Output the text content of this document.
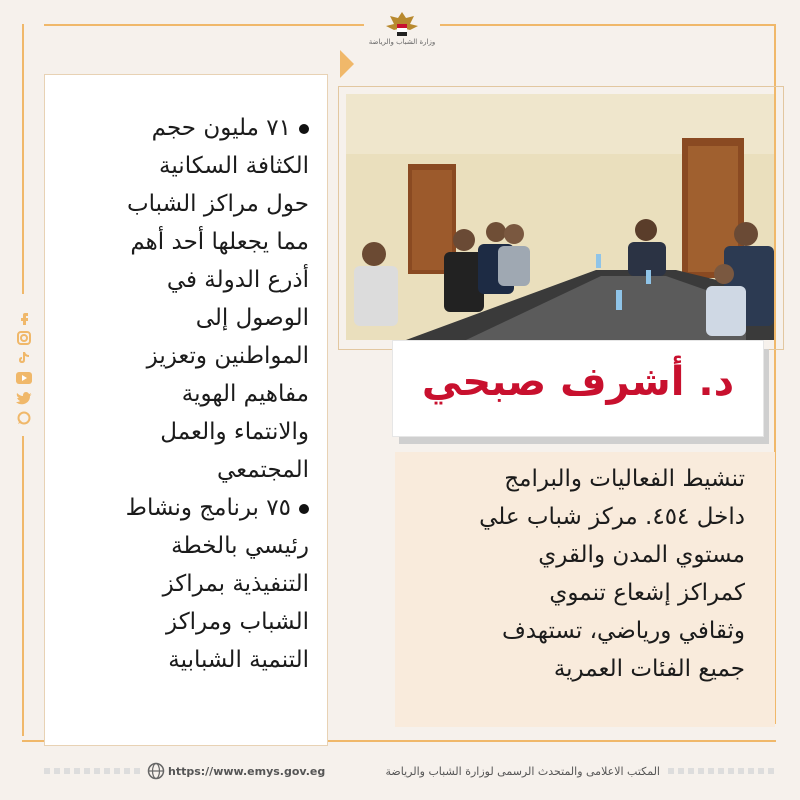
وزارة الشباب والرياضة
٧١ مليون حجم
الكثافة السكانية
حول مراكز الشباب
مما يجعلها أحد أهم
أذرع الدولة في
الوصول إلى
المواطنين وتعزيز
مفاهيم الهوية
والانتماء والعمل
المجتمعي
٧٥ برنامج ونشاط
رئيسي بالخطة
التنفيذية بمراكز
الشباب ومراكز
التنمية الشبابية
د. أشرف صبحي
تنشيط الفعاليات والبرامج
داخل ٤٥٤. مركز شباب علي
مستوي المدن والقري
كمراكز إشعاع تنموي
وثقافي ورياضي، تستهدف
جميع الفئات العمرية
https://www.emys.gov.eg	المكتب الاعلامى والمتحدث الرسمى لوزارة الشباب والرياضة
